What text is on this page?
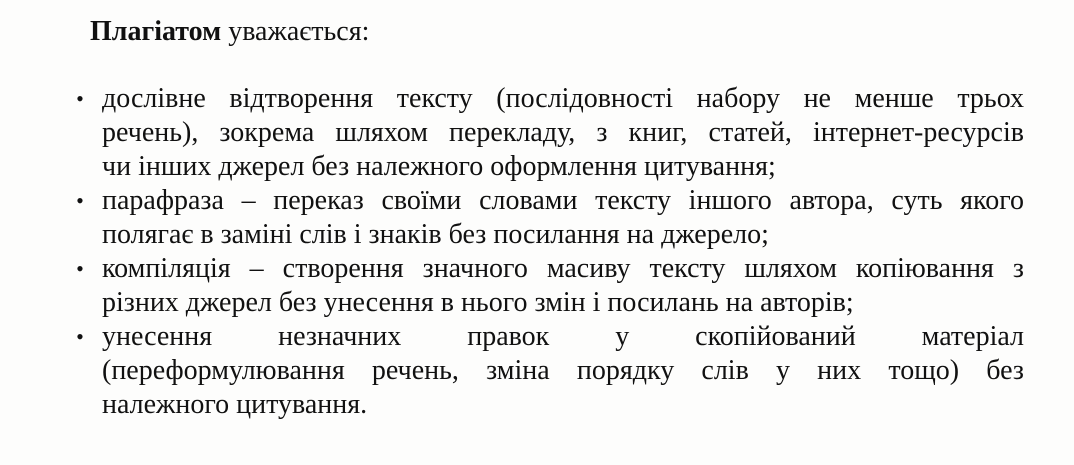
Плагіатом уважається:
• дослівне відтворення тексту (послідовності набору не менше трьох
речень), зокрема шляхом перекладу, з книг, статей, інтернет-ресурсів
чи інших джерел без належного оформлення цитування;
• парафраза – переказ своїми словами тексту іншого автора, суть якого
полягає в заміні слів і знаків без посилання на джерело;
• компіляція – створення значного масиву тексту шляхом копіювання з
різних джерел без унесення в нього змін і посилань на авторів;
• унесення незначних правок у скопійований матеріал
(переформулювання речень, зміна порядку слів у них тощо) без
належного цитування.
